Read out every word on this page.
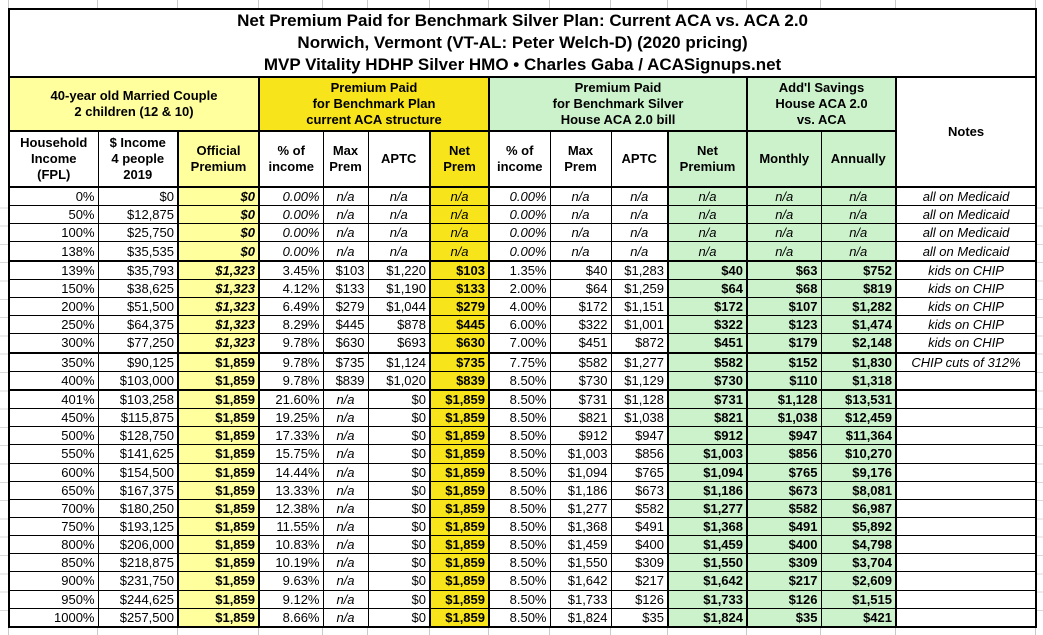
Net Premium Paid for Benchmark Silver Plan: Current ACA vs. ACA 2.0
Norwich, Vermont (VT-AL: Peter Welch-D) (2020 pricing)
MVP Vitality HDHP Silver HMO • Charles Gaba / ACASignups.net													

40-year old Married Couple
2 children (12 & 10)

Premium Paid
for Benchmark Plan
current ACA structure

Premium Paid
for Benchmark Silver
House ACA 2.0 bill

Add'l Savings
House ACA 2.0
vs. ACA

Notes

Household
Income
(FPL)

$ Income
4 people
2019

Official
Premium

% of
income

Max
Prem

APTC

Net
Prem

% of
income

Max
Prem

APTC

Net
Premium

Monthly	Annually

0%	$0	$0	0.00%	n/a	n/a	n/a	0.00%	n/a	n/a	n/a	n/a	n/a	all on Medicaid
50%	$12,875	$0	0.00%	n/a	n/a	n/a	0.00%	n/a	n/a	n/a	n/a	n/a	all on Medicaid
100%	$25,750	$0	0.00%	n/a	n/a	n/a	0.00%	n/a	n/a	n/a	n/a	n/a	all on Medicaid
138%	$35,535	$0	0.00%	n/a	n/a	n/a	0.00%	n/a	n/a	n/a	n/a	n/a	all on Medicaid
139%	$35,793	$1,323	3.45%	$103	$1,220	$103	1.35%	$40	$1,283	$40	$63	$752	kids on CHIP
150%	$38,625	$1,323	4.12%	$133	$1,190	$133	2.00%	$64	$1,259	$64	$68	$819	kids on CHIP
200%	$51,500	$1,323	6.49%	$279	$1,044	$279	4.00%	$172	$1,151	$172	$107	$1,282	kids on CHIP
250%	$64,375	$1,323	8.29%	$445	$878	$445	6.00%	$322	$1,001	$322	$123	$1,474	kids on CHIP
300%	$77,250	$1,323	9.78%	$630	$693	$630	7.00%	$451	$872	$451	$179	$2,148	kids on CHIP
350%	$90,125	$1,859	9.78%	$735	$1,124	$735	7.75%	$582	$1,277	$582	$152	$1,830	CHIP cuts of 312%
400%	$103,000	$1,859	9.78%	$839	$1,020	$839	8.50%	$730	$1,129	$730	$110	$1,318	
401%	$103,258	$1,859	21.60%	n/a	$0	$1,859	8.50%	$731	$1,128	$731	$1,128	$13,531	
450%	$115,875	$1,859	19.25%	n/a	$0	$1,859	8.50%	$821	$1,038	$821	$1,038	$12,459	
500%	$128,750	$1,859	17.33%	n/a	$0	$1,859	8.50%	$912	$947	$912	$947	$11,364	
550%	$141,625	$1,859	15.75%	n/a	$0	$1,859	8.50%	$1,003	$856	$1,003	$856	$10,270	
600%	$154,500	$1,859	14.44%	n/a	$0	$1,859	8.50%	$1,094	$765	$1,094	$765	$9,176	
650%	$167,375	$1,859	13.33%	n/a	$0	$1,859	8.50%	$1,186	$673	$1,186	$673	$8,081	
700%	$180,250	$1,859	12.38%	n/a	$0	$1,859	8.50%	$1,277	$582	$1,277	$582	$6,987	
750%	$193,125	$1,859	11.55%	n/a	$0	$1,859	8.50%	$1,368	$491	$1,368	$491	$5,892	
800%	$206,000	$1,859	10.83%	n/a	$0	$1,859	8.50%	$1,459	$400	$1,459	$400	$4,798	
850%	$218,875	$1,859	10.19%	n/a	$0	$1,859	8.50%	$1,550	$309	$1,550	$309	$3,704	
900%	$231,750	$1,859	9.63%	n/a	$0	$1,859	8.50%	$1,642	$217	$1,642	$217	$2,609	
950%	$244,625	$1,859	9.12%	n/a	$0	$1,859	8.50%	$1,733	$126	$1,733	$126	$1,515	
1000%	$257,500	$1,859	8.66%	n/a	$0	$1,859	8.50%	$1,824	$35	$1,824	$35	$421	
